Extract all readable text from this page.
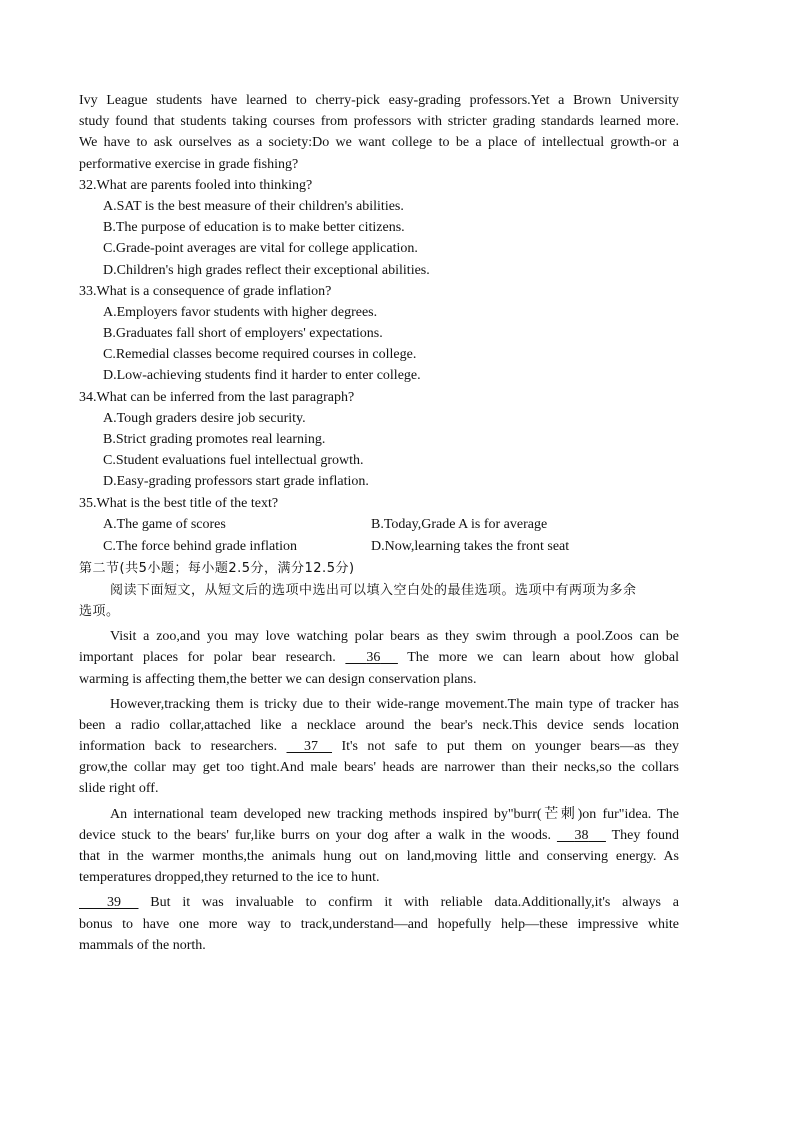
Ivy League students have learned to cherry-pick easy-grading professors.Yet a Brown University
study found that students taking courses from professors with stricter grading standards learned more.
We have to ask ourselves as a society:Do we want college to be a place of intellectual growth-or a
performative exercise in grade fishing?
32.What are parents fooled into thinking?
A.SAT is the best measure of their children's abilities.
B.The purpose of education is to make better citizens.
C.Grade-point averages are vital for college application.
D.Children's high grades reflect their exceptional abilities.
33.What is a consequence of grade inflation?
A.Employers favor students with higher degrees.
B.Graduates fall short of employers' expectations.
C.Remedial classes become required courses in college.
D.Low-achieving students find it harder to enter college.
34.What can be inferred from the last paragraph?
A.Tough graders desire job security.
B.Strict grading promotes real learning.
C.Student evaluations fuel intellectual growth.
D.Easy-grading professors start grade inflation.
35.What is the best title of the text?
A.The game of scores	B.Today,Grade A is for average
C.The force behind grade inflation	D.Now,learning takes the front seat
第二节(共5小题；每小题2.5分，满分12.5分)
阅读下面短文，从短文后的选项中选出可以填入空白处的最佳选项。选项中有两项为多余
选项。
Visit a zoo,and you may love watching polar bears as they swim through a pool.Zoos can be
important places for polar bear research. 36 The more we can learn about how global
warming is affecting them,the better we can design conservation plans.
However,tracking them is tricky due to their wide-range movement.The main type of tracker has
been a radio collar,attached like a necklace around the bear's neck.This device sends location
information back to researchers. 37 It's not safe to put them on younger bears—as they
grow,the collar may get too tight.And male bears' heads are narrower than their necks,so the collars
slide right off.
An international team developed new tracking methods inspired by"burr(芒刺)on fur"idea. The
device stuck to the bears' fur,like burrs on your dog after a walk in the woods. 38 They found
that in the warmer months,the animals hung out on land,moving little and conserving energy. As
temperatures dropped,they returned to the ice to hunt.
39 But it was invaluable to confirm it with reliable data.Additionally,it's always a
bonus to have one more way to track,understand—and hopefully help—these impressive white
mammals of the north.
